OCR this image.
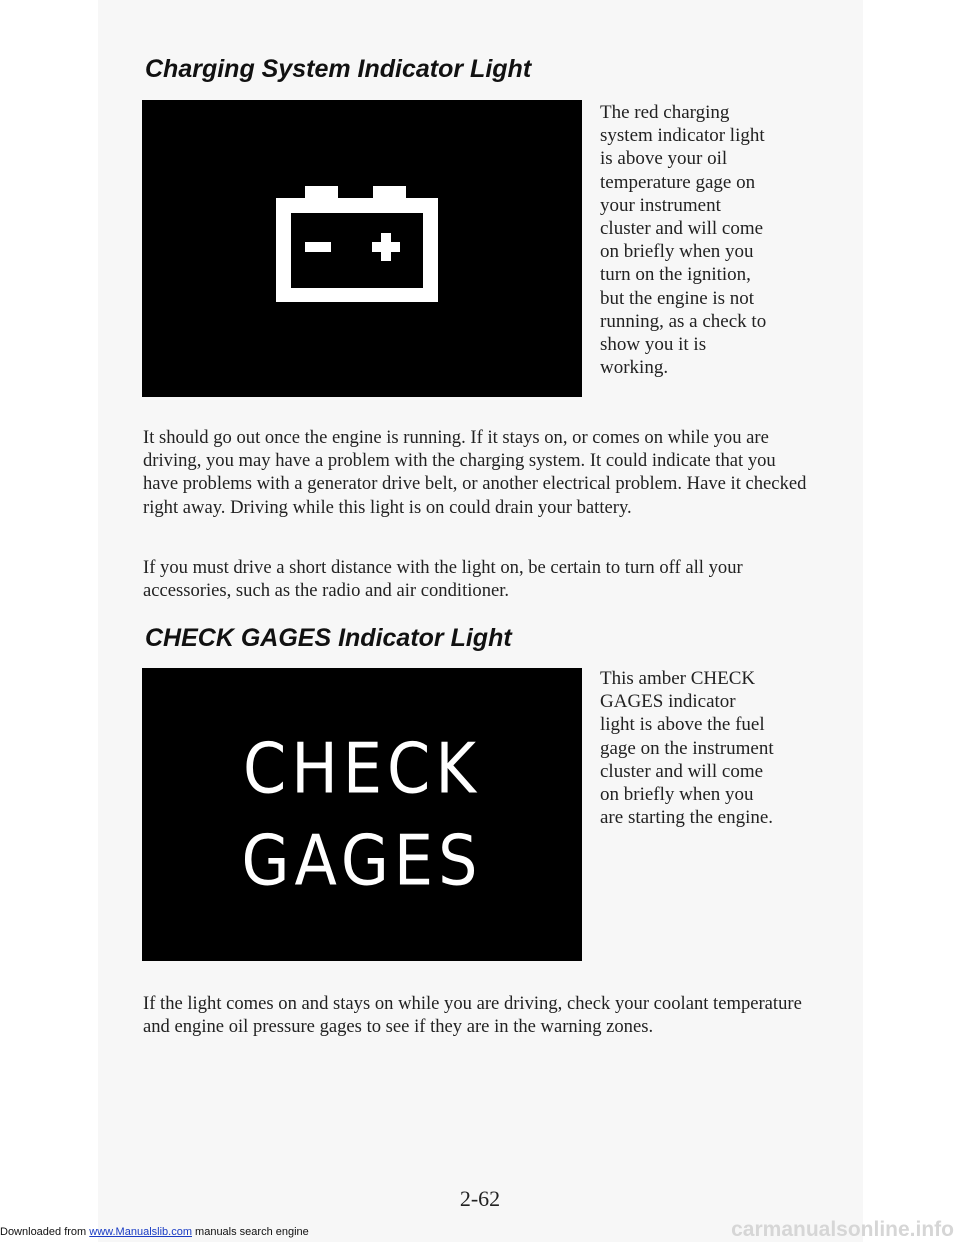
Charging System Indicator Light
The red charging
system indicator light
is above your oil
temperature gage on
your instrument
cluster and will come
on briefly when you
turn on the ignition,
but the engine is not
running, as a check to
show you it is
working.

It should go out once the engine is running. If it stays on, or comes on while you are driving, you may have a problem with the charging system. It could indicate that you have problems with a generator drive belt, or another electrical problem. Have it checked right away. Driving while this light is on could drain your battery.

If you must drive a short distance with the light on, be certain to turn off all your accessories, such as the radio and air conditioner.

CHECK GAGES Indicator Light
CHECK
GAGES
This amber CHECK
GAGES indicator
light is above the fuel
gage on the instrument
cluster and will come
on briefly when you
are starting the engine.

If the light comes on and stays on while you are driving, check your coolant temperature and engine oil pressure gages to see if they are in the warning zones.

2-62
Downloaded from www.Manualslib.com manuals search engine	carmanualsonline.info
